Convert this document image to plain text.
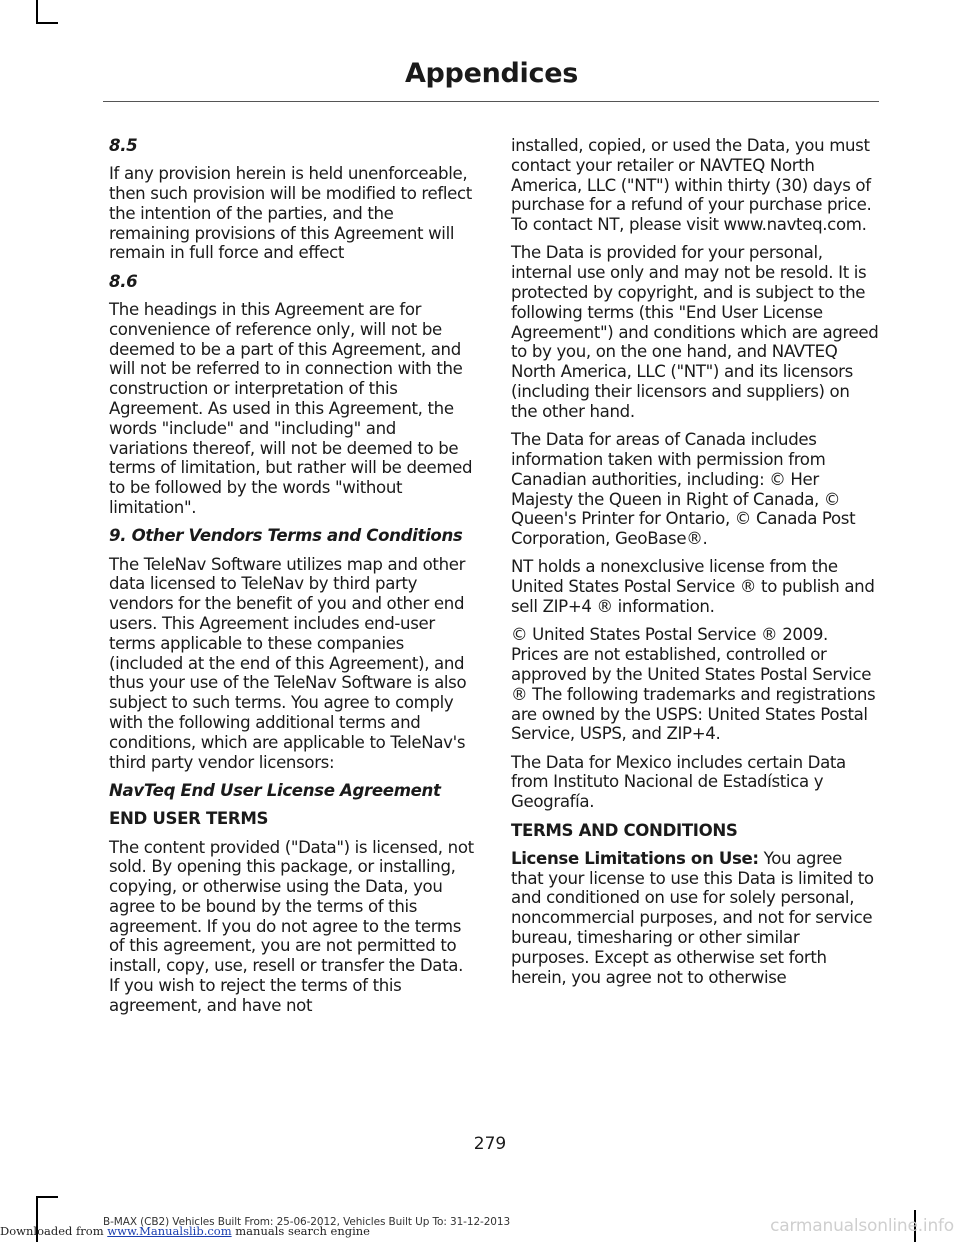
Appendices
8.5

If any provision herein is held unenforceable, then such provision will be modified to reflect the intention of the parties, and the remaining provisions of this Agreement will remain in full force and effect

8.6

The headings in this Agreement are for convenience of reference only, will not be deemed to be a part of this Agreement, and will not be referred to in connection with the construction or interpretation of this Agreement. As used in this Agreement, the words "include" and "including" and variations thereof, will not be deemed to be terms of limitation, but rather will be deemed to be followed by the words "without limitation".

9. Other Vendors Terms and Conditions

The TeleNav Software utilizes map and other data licensed to TeleNav by third party vendors for the benefit of you and other end users. This Agreement includes end-user terms applicable to these companies (included at the end of this Agreement), and thus your use of the TeleNav Software is also subject to such terms. You agree to comply with the following additional terms and conditions, which are applicable to TeleNav's third party vendor licensors:

NavTeq End User License Agreement
END USER TERMS

The content provided ("Data") is licensed, not sold. By opening this package, or installing, copying, or otherwise using the Data, you agree to be bound by the terms of this agreement. If you do not agree to the terms of this agreement, you are not permitted to install, copy, use, resell or transfer the Data. If you wish to reject the terms of this agreement, and have not

installed, copied, or used the Data, you must contact your retailer or NAVTEQ North America, LLC ("NT") within thirty (30) days of purchase for a refund of your purchase price. To contact NT, please visit www.navteq.com.

The Data is provided for your personal, internal use only and may not be resold. It is protected by copyright, and is subject to the following terms (this "End User License Agreement") and conditions which are agreed to by you, on the one hand, and NAVTEQ North America, LLC ("NT") and its licensors (including their licensors and suppliers) on the other hand.

The Data for areas of Canada includes information taken with permission from Canadian authorities, including: © Her Majesty the Queen in Right of Canada, © Queen's Printer for Ontario, © Canada Post Corporation, GeoBase®.

NT holds a nonexclusive license from the United States Postal Service ® to publish and sell ZIP+4 ® information.

© United States Postal Service ® 2009. Prices are not established, controlled or approved by the United States Postal Service ® The following trademarks and registrations are owned by the USPS: United States Postal Service, USPS, and ZIP+4.

The Data for Mexico includes certain Data from Instituto Nacional de Estadística y Geografía.

TERMS AND CONDITIONS

License Limitations on Use: You agree that your license to use this Data is limited to and conditioned on use for solely personal, noncommercial purposes, and not for service bureau, timesharing or other similar purposes. Except as otherwise set forth herein, you agree not to otherwise

279
B-MAX (CB2) Vehicles Built From: 25-06-2012, Vehicles Built Up To: 31-12-2013
Downloaded from www.Manualslib.com manuals search engine	carmanualsonline.info
